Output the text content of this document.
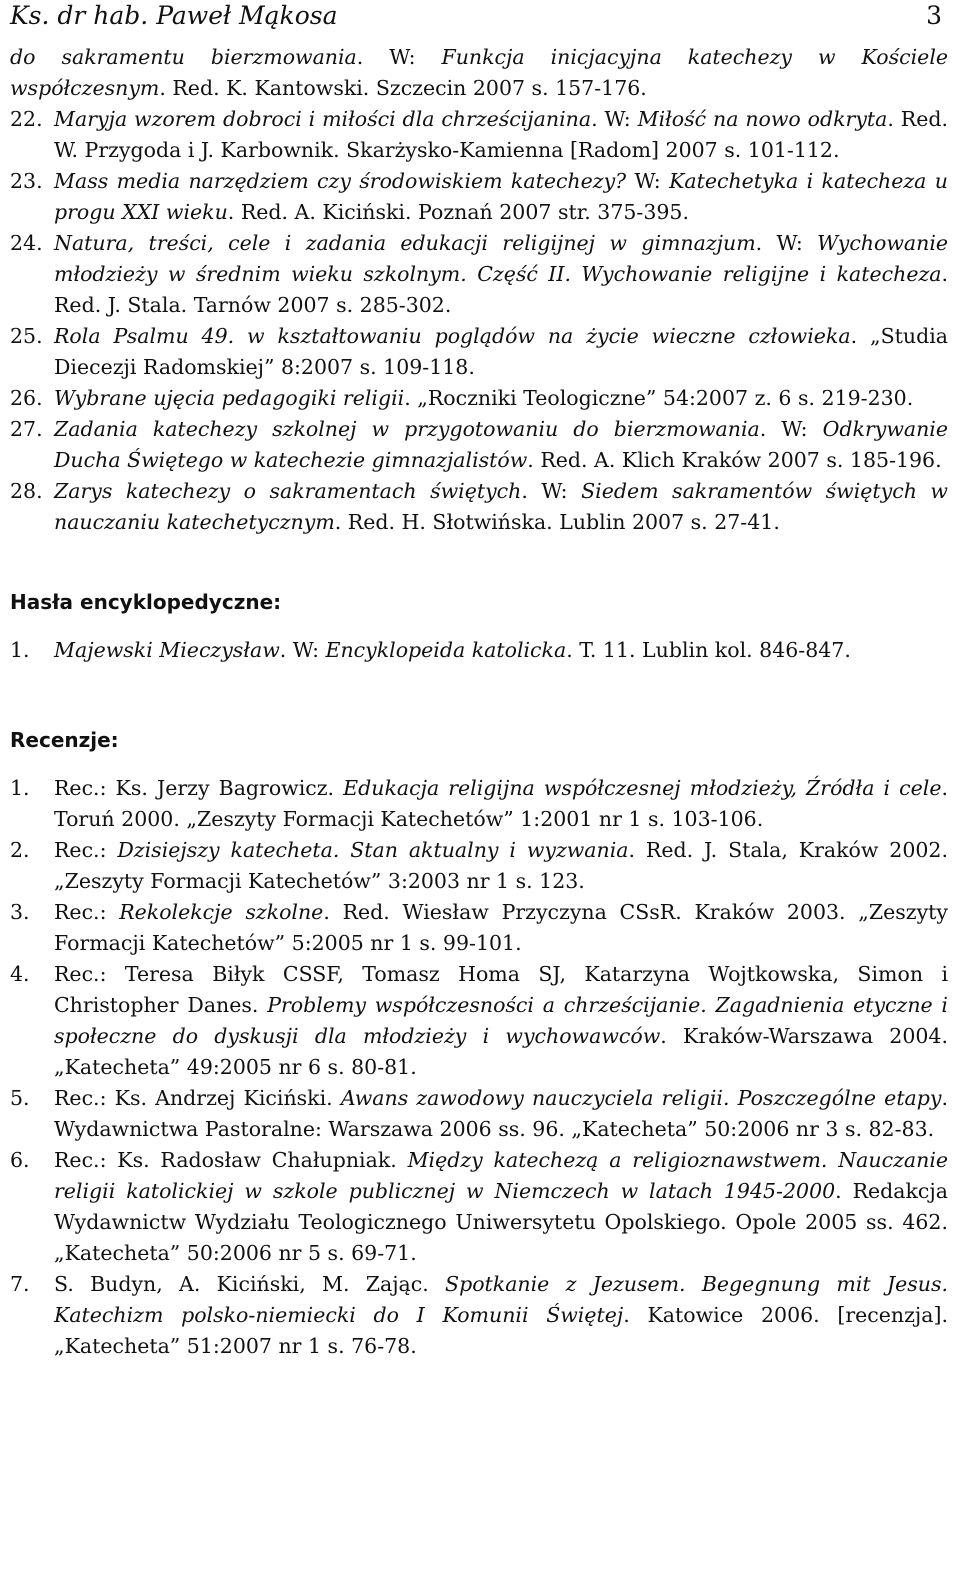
Ks. dr hab. Paweł Mąkosa	3
do sakramentu bierzmowania. W: Funkcja inicjacyjna katechezy w Kościele współczesnym. Red. K. Kantowski. Szczecin 2007 s. 157-176.
22. Maryja wzorem dobroci i miłości dla chrześcijanina. W: Miłość na nowo odkryta. Red. W. Przygoda i J. Karbownik. Skarżysko-Kamienna [Radom] 2007 s. 101-112.
23. Mass media narzędziem czy środowiskiem katechezy? W: Katechetyka i katecheza u progu XXI wieku. Red. A. Kiciński. Poznań 2007 str. 375-395.
24. Natura, treści, cele i zadania edukacji religijnej w gimnazjum. W: Wychowanie młodzieży w średnim wieku szkolnym. Część II. Wychowanie religijne i katecheza. Red. J. Stala. Tarnów 2007 s. 285-302.
25. Rola Psalmu 49. w kształtowaniu poglądów na życie wieczne człowieka. „Studia Diecezji Radomskiej” 8:2007 s. 109-118.
26. Wybrane ujęcia pedagogiki religii. „Roczniki Teologiczne” 54:2007 z. 6 s. 219-230.
27. Zadania katechezy szkolnej w przygotowaniu do bierzmowania. W: Odkrywanie Ducha Świętego w katechezie gimnazjalistów. Red. A. Klich Kraków 2007 s. 185-196.
28. Zarys katechezy o sakramentach świętych. W: Siedem sakramentów świętych w nauczaniu katechetycznym. Red. H. Słotwińska. Lublin 2007 s. 27-41.
Hasła encyklopedyczne:
1. Majewski Mieczysław. W: Encyklopeida katolicka. T. 11. Lublin kol. 846-847.
Recenzje:
1. Rec.: Ks. Jerzy Bagrowicz. Edukacja religijna współczesnej młodzieży, Źródła i cele. Toruń 2000. „Zeszyty Formacji Katechetów” 1:2001 nr 1 s. 103-106.
2. Rec.: Dzisiejszy katecheta. Stan aktualny i wyzwania. Red. J. Stala, Kraków 2002. „Zeszyty Formacji Katechetów” 3:2003 nr 1 s. 123.
3. Rec.: Rekolekcje szkolne. Red. Wiesław Przyczyna CSsR. Kraków 2003. „Zeszyty Formacji Katechetów” 5:2005 nr 1 s. 99-101.
4. Rec.: Teresa Biłyk CSSF, Tomasz Homa SJ, Katarzyna Wojtkowska, Simon i Christopher Danes. Problemy współczesności a chrześcijanie. Zagadnienia etyczne i społeczne do dyskusji dla młodzieży i wychowawców. Kraków-Warszawa 2004. „Katecheta” 49:2005 nr 6 s. 80-81.
5. Rec.: Ks. Andrzej Kiciński. Awans zawodowy nauczyciela religii. Poszczególne etapy. Wydawnictwa Pastoralne: Warszawa 2006 ss. 96. „Katecheta” 50:2006 nr 3 s. 82-83.
6. Rec.: Ks. Radosław Chałupniak. Między katechezą a religioznawstwem. Nauczanie religii katolickiej w szkole publicznej w Niemczech w latach 1945-2000. Redakcja Wydawnictw Wydziału Teologicznego Uniwersytetu Opolskiego. Opole 2005 ss. 462. „Katecheta” 50:2006 nr 5 s. 69-71.
7. S. Budyn, A. Kiciński, M. Zając. Spotkanie z Jezusem. Begegnung mit Jesus. Katechizm polsko-niemiecki do I Komunii Świętej. Katowice 2006. [recenzja]. „Katecheta” 51:2007 nr 1 s. 76-78.
